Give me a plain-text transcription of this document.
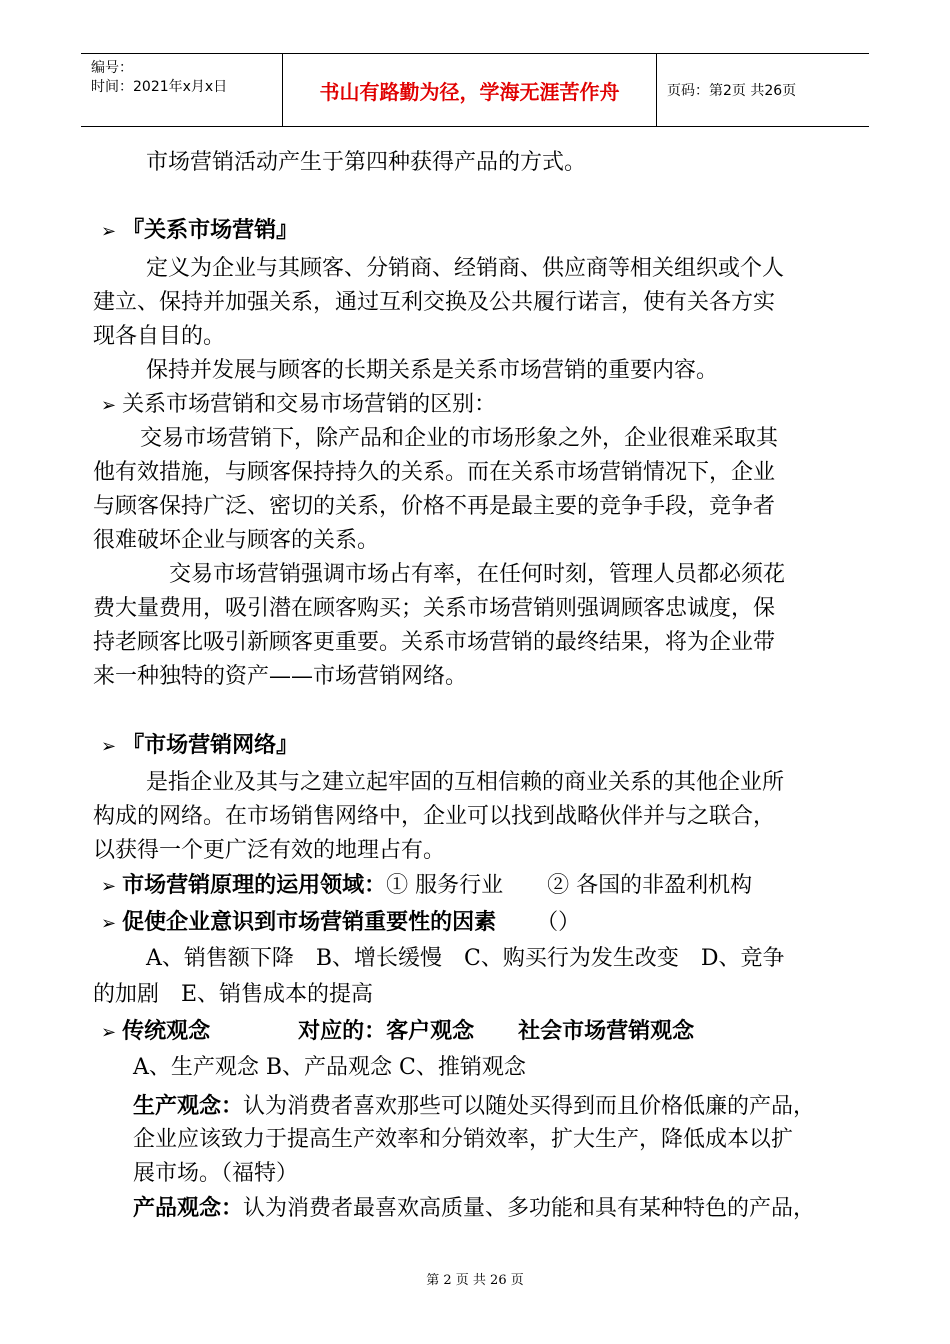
编号：
时间：2021年x月x日	书山有路勤为径，学海无涯苦作舟	页码：第2页 共26页

市场营销活动产生于第四种获得产品的方式。

➢ 『关系市场营销』

定义为企业与其顾客、分销商、经销商、供应商等相关组织或个人

建立、保持并加强关系，通过互利交换及公共履行诺言，使有关各方实

现各自目的。

保持并发展与顾客的长期关系是关系市场营销的重要内容。

➢ 关系市场营销和交易市场营销的区别：

交易市场营销下，除产品和企业的市场形象之外，企业很难采取其

他有效措施，与顾客保持持久的关系。而在关系市场营销情况下，企业

与顾客保持广泛、密切的关系，价格不再是最主要的竞争手段，竞争者

很难破坏企业与顾客的关系。

交易市场营销强调市场占有率，在任何时刻，管理人员都必须花

费大量费用，吸引潜在顾客购买；关系市场营销则强调顾客忠诚度，保

持老顾客比吸引新顾客更重要。关系市场营销的最终结果，将为企业带

来一种独特的资产——市场营销网络。

➢ 『市场营销网络』

是指企业及其与之建立起牢固的互相信赖的商业关系的其他企业所

构成的网络。在市场销售网络中，企业可以找到战略伙伴并与之联合，

以获得一个更广泛有效的地理占有。

➢ 市场营销原理的运用领域：① 服务行业　　② 各国的非盈利机构

➢ 促使企业意识到市场营销重要性的因素 （）

A、销售额下降　B、增长缓慢　C、购买行为发生改变　D、竞争

的加剧　E、销售成本的提高

➢ 传统观念　　　　对应的：客户观念　　社会市场营销观念

A、生产观念 B、产品观念 C、推销观念

生产观念：认为消费者喜欢那些可以随处买得到而且价格低廉的产品，

企业应该致力于提高生产效率和分销效率，扩大生产，降低成本以扩

展市场。（福特）

产品观念：认为消费者最喜欢高质量、多功能和具有某种特色的产品，

第 2 页 共 26 页
